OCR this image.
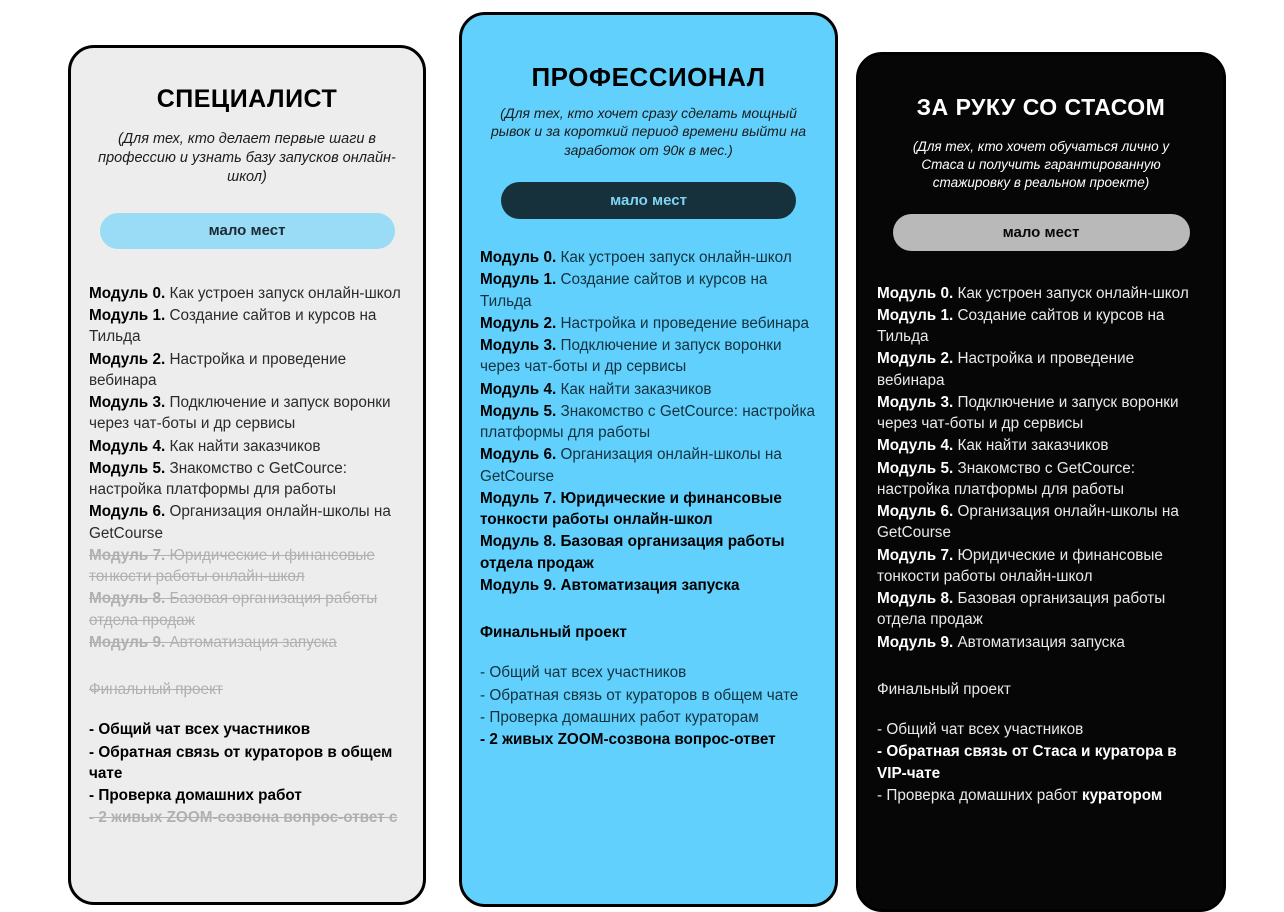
СПЕЦИАЛИСТ

(Для тех, кто делает первые шаги в профессию и узнать базу запусков онлайн-школ)

мало мест
Модуль 0. Как устроен запуск онлайн-школ
Модуль 1. Создание сайтов и курсов на Тильда
Модуль 2. Настройка и проведение вебинара
Модуль 3. Подключение и запуск воронки через чат-боты и др сервисы
Модуль 4. Как найти заказчиков
Модуль 5. Знакомство с GetCource: настройка платформы для работы
Модуль 6. Организация онлайн-школы на GetCourse
Модуль 7. Юридические и финансовые тонкости работы онлайн-школ
Модуль 8. Базовая организация работы отдела продаж
Модуль 9. Автоматизация запуска
Финальный проект
- Общий чат всех участников
- Обратная связь от кураторов в общем чате
- Проверка домашних работ
- 2 живых ZOOM-созвона вопрос-ответ с
ПРОФЕССИОНАЛ

(Для тех, кто хочет сразу сделать мощный рывок и за короткий период времени выйти на заработок от 90к в мес.)

мало мест
Модуль 0. Как устроен запуск онлайн-школ
Модуль 1. Создание сайтов и курсов на Тильда
Модуль 2. Настройка и проведение вебинара
Модуль 3. Подключение и запуск воронки через чат-боты и др сервисы
Модуль 4. Как найти заказчиков
Модуль 5. Знакомство с GetCource: настройка платформы для работы
Модуль 6. Организация онлайн-школы на GetCourse
Модуль 7. Юридические и финансовые тонкости работы онлайн-школ
Модуль 8. Базовая организация работы отдела продаж
Модуль 9. Автоматизация запуска
Финальный проект
- Общий чат всех участников
- Обратная связь от кураторов в общем чате
- Проверка домашних работ кураторам
- 2 живых ZOOM-созвона вопрос-ответ
ЗА РУКУ СО СТАСОМ

(Для тех, кто хочет обучаться лично у Стаса и получить гарантированную стажировку в реальном проекте)

мало мест
Модуль 0. Как устроен запуск онлайн-школ
Модуль 1. Создание сайтов и курсов на Тильда
Модуль 2. Настройка и проведение вебинара
Модуль 3. Подключение и запуск воронки через чат-боты и др сервисы
Модуль 4. Как найти заказчиков
Модуль 5. Знакомство с GetCource: настройка платформы для работы
Модуль 6. Организация онлайн-школы на GetCourse
Модуль 7. Юридические и финансовые тонкости работы онлайн-школ
Модуль 8. Базовая организация работы отдела продаж
Модуль 9. Автоматизация запуска
Финальный проект
- Общий чат всех участников
- Обратная связь от Стаса и куратора в VIP-чате
- Проверка домашних работ куратором
